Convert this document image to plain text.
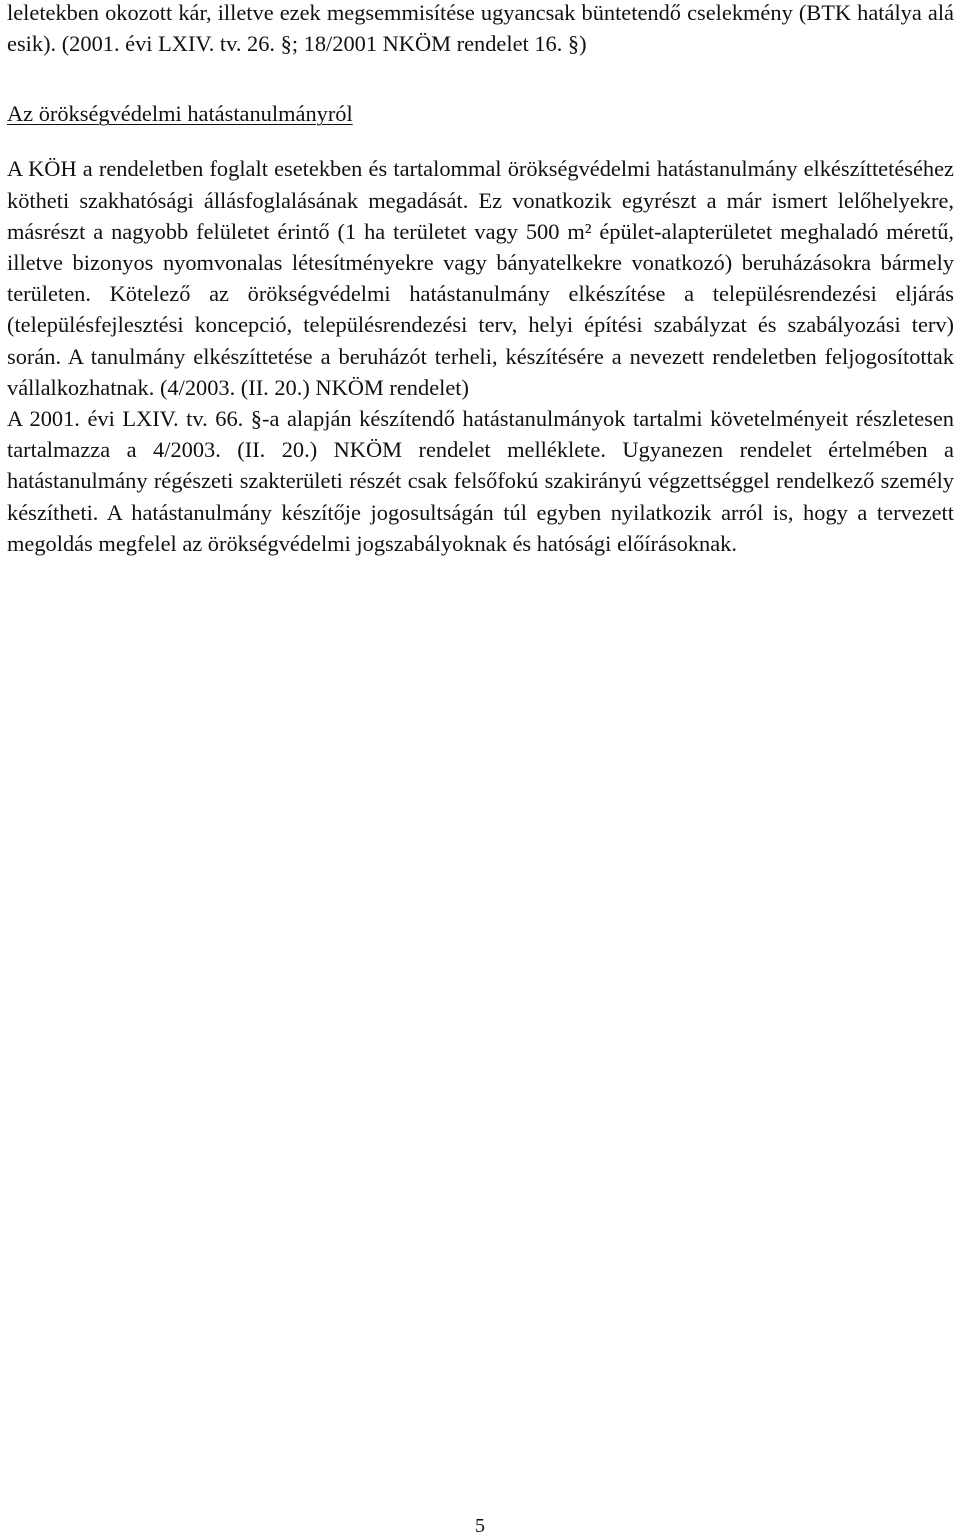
leletekben okozott kár, illetve ezek megsemmisítése ugyancsak büntetendő cselekmény (BTK hatálya alá esik). (2001. évi LXIV. tv. 26. §; 18/2001 NKÖM rendelet 16. §)

Az örökségvédelmi hatástanulmányról

A KÖH a rendeletben foglalt esetekben és tartalommal örökségvédelmi hatástanulmány elkészíttetéséhez kötheti szakhatósági állásfoglalásának megadását. Ez vonatkozik egyrészt a már ismert lelőhelyekre, másrészt a nagyobb felületet érintő (1 ha területet vagy 500 m² épület-alapterületet meghaladó méretű, illetve bizonyos nyomvonalas létesítményekre vagy bányatelkekre vonatkozó) beruházásokra bármely területen. Kötelező az örökségvédelmi hatástanulmány elkészítése a településrendezési eljárás (településfejlesztési koncepció, településrendezési terv, helyi építési szabályzat és szabályozási terv) során. A tanulmány elkészíttetése a beruházót terheli, készítésére a nevezett rendeletben feljogosítottak vállalkozhatnak. (4/2003. (II. 20.) NKÖM rendelet)

A 2001. évi LXIV. tv. 66. §-a alapján készítendő hatástanulmányok tartalmi követelményeit részletesen tartalmazza a 4/2003. (II. 20.) NKÖM rendelet melléklete. Ugyanezen rendelet értelmében a hatástanulmány régészeti szakterületi részét csak felsőfokú szakirányú végzettséggel rendelkező személy készítheti. A hatástanulmány készítője jogosultságán túl egyben nyilatkozik arról is, hogy a tervezett megoldás megfelel az örökségvédelmi jogszabályoknak és hatósági előírásoknak.

5
